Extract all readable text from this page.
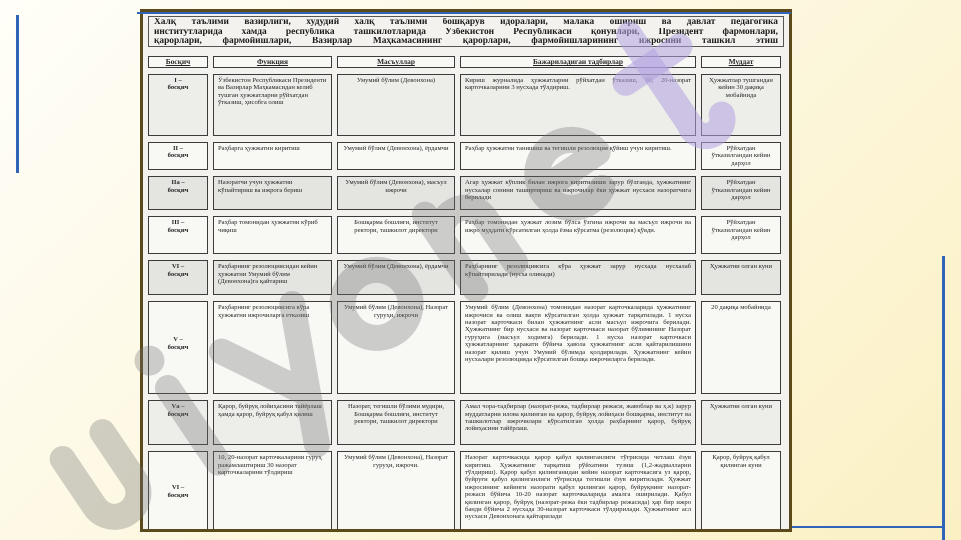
Халқ таълими вазирлиги, худудий халқ таълими бошқарув идоралари, малака ошириш ва давлат педагогика
институтларида хамда республика ташкилотларида Ўзбекистон Республикаси қонунлари, Президент фармонлари,
қарорлари, фармойишлари, Вазирлар Маҳкамасининг қарорлари, фармойишларининг ижросини ташкил этиш
Босқич	Функция	Масъуллар	Бажариладиган тадбирлар	Муддат

I –
босқич	Ўзбекистон Республикаси Президенти ва Вазирлар Маҳкамасидан келиб тушган ҳужжатларни рўйхатдан ўтказиш, ҳисобга олиш	Умумий бўлим (Девонхона)	Кириш журналида ҳужжатларни рўйхатдан ўтказиш, 10, 20-назорат карточкаларини 3 нусхада тўлдириш.	Ҳужжатлар тушгандан кейин 30 дақиқа мобайнида

II –
босқич	Раҳбарга ҳужжатни киритиш	Умумий бўлим (Девонхона), ёрдамчи	Раҳбар ҳужжатни танишиш ва тегишли резолюция қўйиш учун киритиш.	Рўйхатдан ўтказилгандан кейин дарҳол

IIа –
босқич	Назоратчи учун ҳужжатни кўпайтириш ва ижрога бериш	Умумий бўлим (Девонхона), масъул ижрочи	Агар ҳужжат кўплик билан ижрога киритилиши зарур бўлганда, ҳужжатнинг нусхалар сонини таширтириш ва ижрочилар ёки ҳужжат нусхаси назоратчига берилади	Рўйхатдан ўтказилгандан кейин дарҳол

III –
босқич	Раҳбар томонидан ҳужжатни кўриб чиқиш	Бошқарма бошлиғи, институт ректори, ташкилот директори	Раҳбар томонидан ҳужжат лозим бўлса ўзгина ижрочи ва масъул ижрочи ва ижро муддати кўрсатилган ҳолда ёзма кўрсатма (резолюция) қўяди.	Рўйхатдан ўтказилгандан кейин дарҳол

VI –
босқич	Раҳбарнинг резолюциясидан кейин ҳужжатни Умумий бўлим (Девонхона)га қайтариш	Умумий бўлим (Девонхона), ёрдамчи	Раҳбарнинг резолюциясига кўра ҳужжат зарур нусхада нусхалаб кўпайтирилади (нусха олинади)	Ҳужжатни олган куни

V –
босқич	Раҳбарнинг резолюциясига кўра ҳужжатни ижрочиларга етказиш	Умумий бўлим (Девонхона), Назорат гуруҳи, ижрочи	Умумий бўлим (Девонхона) томонидан назорат карточкаларида ҳужжатнинг ижрочиси ва олиш вақти кўрсатилган ҳолда ҳужжат тарқатилади. 1 нусха назорат карточкаси билан ҳужжатнинг асли масъул ижрочига берилади. Ҳужжатнинг бир нусхаси ва назорат карточкаси назорат бўлимининг Назорат гуруҳига (масъул ходимга) берилади. 1 нусха назорат карточкаси ҳужжатларнинг ҳаракати бўйича ҳавола ҳужжатнинг асли қайтарилишини назорат қилиш учун Умумий бўлимда қолдирилади. Ҳужжатнинг кейин нусхалари резолюцияда кўрсатилган бошқа ижрочиларга берилади.	20 дақиқа мобайнида

Vа –
босқич	Қарор, буйруқ лойиҳасини тайёрлаш ҳамда қарор, буйруқ қабул қилиш	Назорат, тегишли бўлими мудири, Бошқарма бошлиғи, институт ректори, ташкилот директори	Амал чора-тадбирлар (назорат-режа, тадбирлар режаси, жавоблар ва ҳ.к) зарур муддатларни илова қилинган ва қарор, буйруқ лойиҳаси бошқарма, институт ва ташкилотлар ижрочилари кўрсатилган ҳолда раҳбарнинг қарор, буйруқ лойиҳасини тайёрлаш.	Ҳужжатни олган куни

VI –
босқич	10, 20-назорат карточкаларини гуруҳ ражамлаштириш 30 назорат карточкаларини тўлдириш	Умумий бўлим (Девонхона), Назорат гуруҳи, ижрочи.	Назорат карточкасида қарор қабул қилинганлиги тўғрисида четлаш ёзув киритиш. Ҳужжатнинг тарқатиш рўйхатини тузиш (1,2-жадвалларни тўлдириш). Қарор қабул қилинганидан кейин назорат карточкасига уз қарор, буйруғи қабул қилинганлиги тўғрисида тегишли ёзув киритилади. Ҳужжат ижросининг кейинги назорати қабул қилинган қарор, буйруқнинг назорат-режаси бўйича 10-20 назорат карточкаларида амалга оширилади. Қабул қилинган қарор, буйруқ (назорат-режа ёки тадбирлар режасида) ҳар бир ижро банди бўйича 2 нусхада 30-назорат карточкаси тўлдирилади. Ҳужжатнинг асл нусхаси Девонхонага қайтарилади	Қарор, буйруқ қабул қилинган куни
